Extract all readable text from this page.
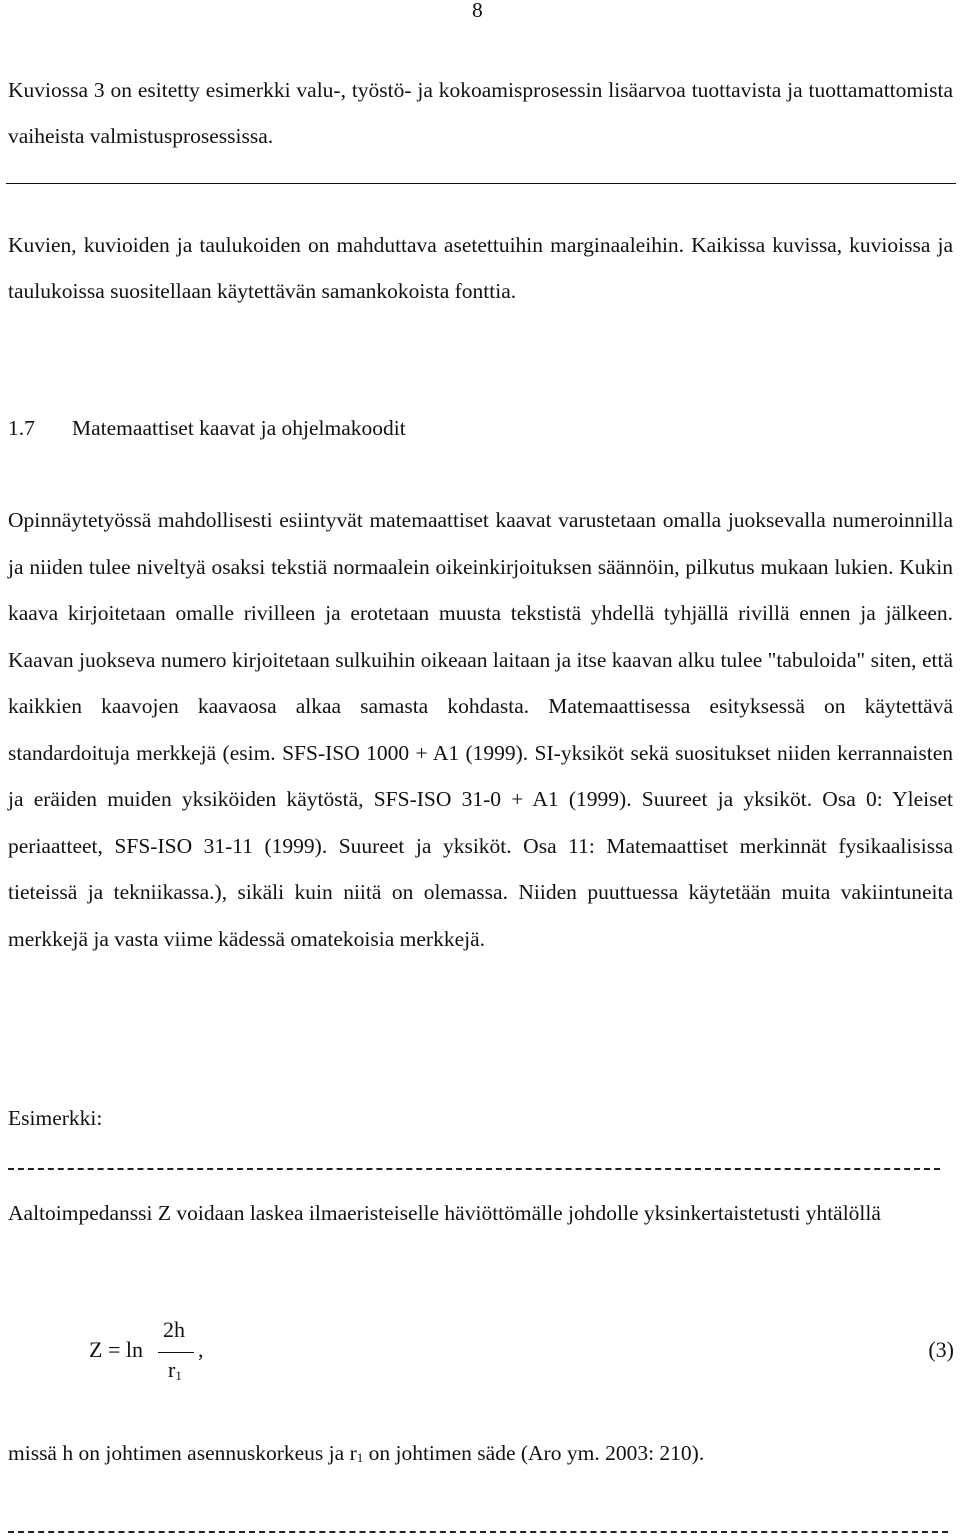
8

Kuviossa 3 on esitetty esimerkki valu-, työstö- ja kokoamisprosessin lisäarvoa tuottavista ja tuottamattomista vaiheista valmistusprosessissa.

Kuvien, kuvioiden ja taulukoiden on mahduttava asetettuihin marginaaleihin. Kaikissa kuvissa, kuvioissa ja taulukoissa suositellaan käytettävän samankokoista fonttia.

1.7 Matemaattiset kaavat ja ohjelmakoodit

Opinnäytetyössä mahdollisesti esiintyvät matemaattiset kaavat varustetaan omalla juoksevalla numeroinnilla ja niiden tulee niveltyä osaksi tekstiä normaalein oikeinkirjoituksen säännöin, pilkutus mukaan lukien. Kukin kaava kirjoitetaan omalle rivilleen ja erotetaan muusta tekstistä yhdellä tyhjällä rivillä ennen ja jälkeen. Kaavan juokseva numero kirjoitetaan sulkuihin oikeaan laitaan ja itse kaavan alku tulee "tabuloida" siten, että kaikkien kaavojen kaavaosa alkaa samasta kohdasta. Matemaattisessa esityksessä on käytettävä standardoituja merkkejä (esim. SFS-ISO 1000 + A1 (1999). SI-yksiköt sekä suositukset niiden kerrannaisten ja eräiden muiden yksiköiden käytöstä, SFS-ISO 31-0 + A1 (1999). Suureet ja yksiköt. Osa 0: Yleiset periaatteet, SFS-ISO 31-11 (1999). Suureet ja yksiköt. Osa 11: Matemaattiset merkinnät fysikaalisissa tieteissä ja tekniikassa.), sikäli kuin niitä on olemassa. Niiden puuttuessa käytetään muita vakiintuneita merkkejä ja vasta viime kädessä omatekoisia merkkejä.

Esimerkki:

Aaltoimpedanssi Z voidaan laskea ilmaeristeiselle häviöttömälle johdolle yksinkertaistetusti yhtälöllä

Z = ln
2h
$r_1$
,	(3)
missä h on johtimen asennuskorkeus ja $r_1$ on johtimen säde (Aro ym. 2003: 210).
